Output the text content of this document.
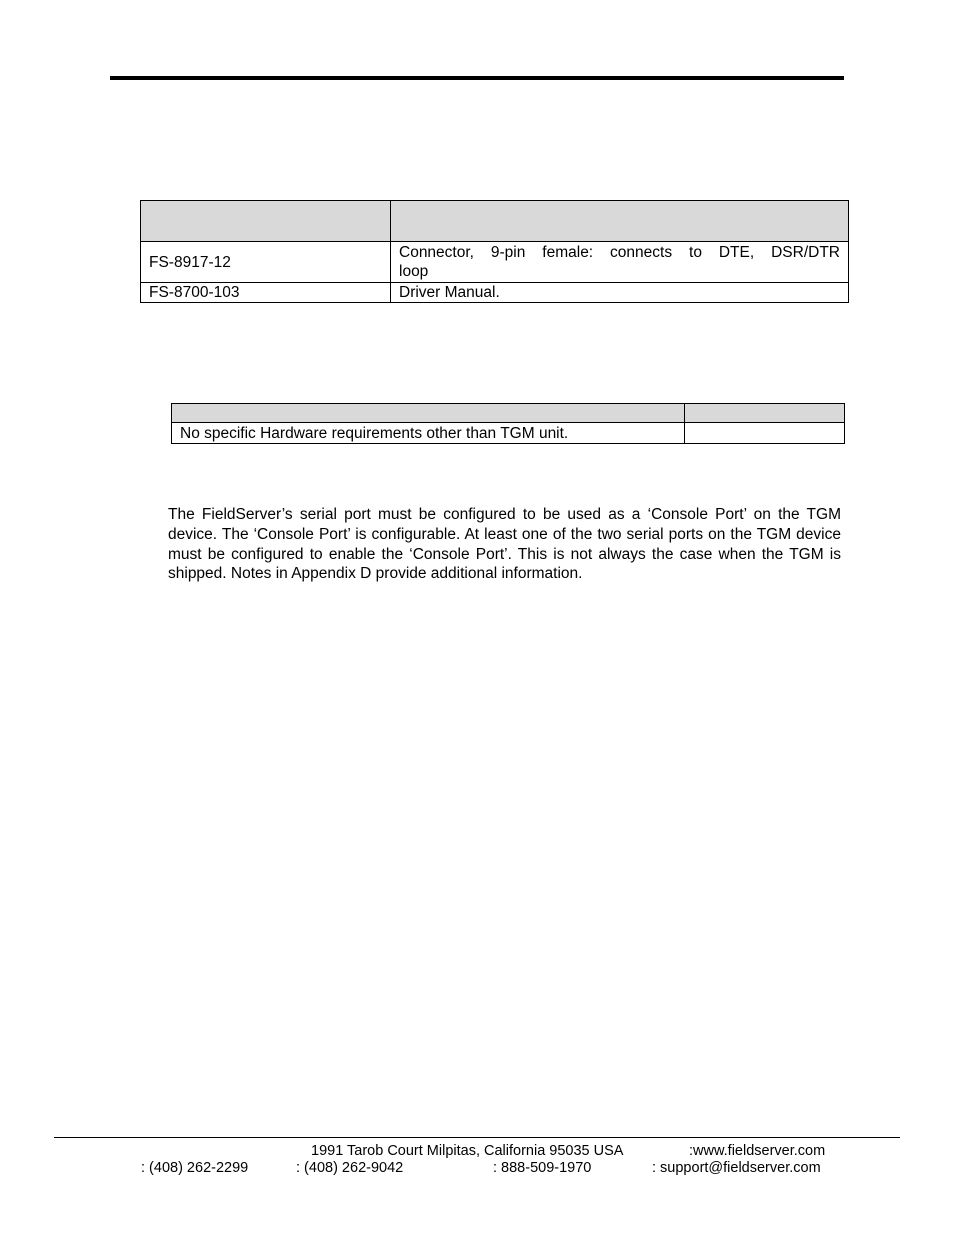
FS-8917-12	Connector, 9-pin female: connects to DTE, DSR/DTR
loop

FS-8700-103	Driver Manual.

No specific Hardware requirements other than TGM unit.	

The FieldServer’s serial port must be configured to be used as a ‘Console Port’ on the TGM device. The ‘Console Port’ is configurable. At least one of the two serial ports on the TGM device must be configured to enable the ‘Console Port’. This is not always the case when the TGM is shipped. Notes in Appendix D provide additional information.

1991 Tarob Court Milpitas, California 95035 USA	:www.fieldserver.com
: (408) 262-2299	: (408) 262-9042	: 888-509-1970	: support@fieldserver.com
